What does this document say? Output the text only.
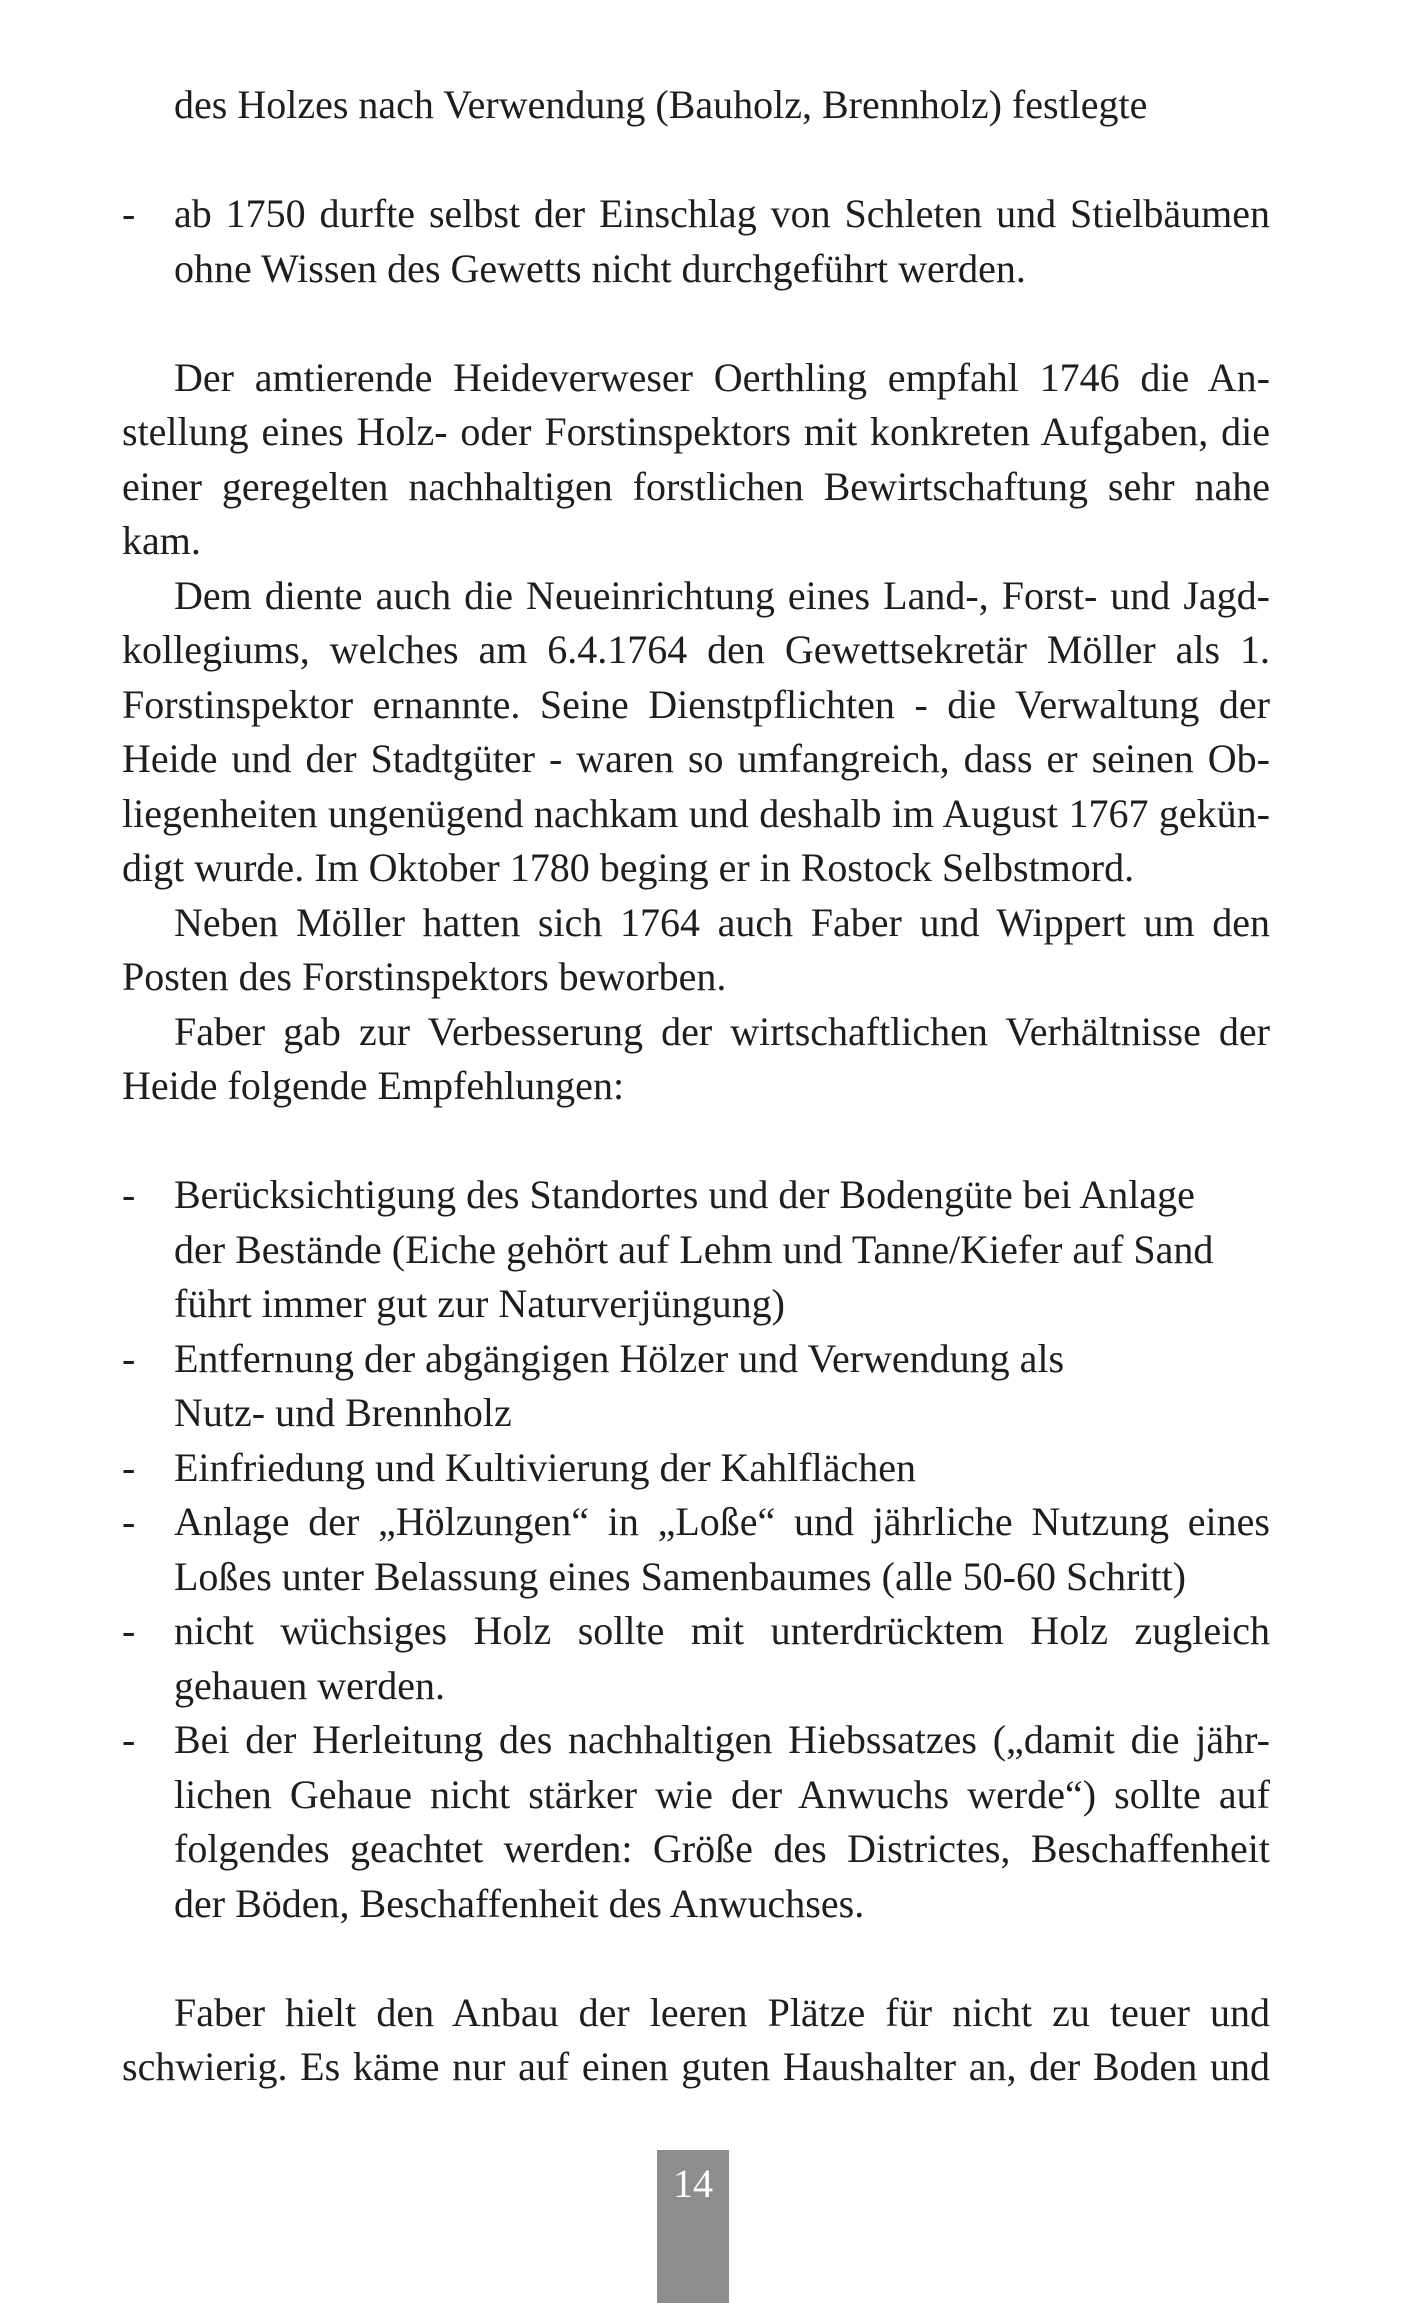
des Holzes nach Verwendung (Bauholz, Brennholz) festlegte
- ab 1750 durfte selbst der Einschlag von Schleten und Stielbäumen
ohne Wissen des Gewetts nicht durchgeführt werden.
Der amtierende Heideverweser Oerthling empfahl 1746 die An-
stellung eines Holz- oder Forstinspektors mit konkreten Aufgaben, die
einer geregelten nachhaltigen forstlichen Bewirtschaftung sehr nahe
kam.
Dem diente auch die Neueinrichtung eines Land-, Forst- und Jagd-
kollegiums, welches am 6.4.1764 den Gewettsekretär Möller als 1.
Forstinspektor ernannte. Seine Dienstpflichten - die Verwaltung der
Heide und der Stadtgüter - waren so umfangreich, dass er seinen Ob-
liegenheiten ungenügend nachkam und deshalb im August 1767 gekün-
digt wurde. Im Oktober 1780 beging er in Rostock Selbstmord.
Neben Möller hatten sich 1764 auch Faber und Wippert um den
Posten des Forstinspektors beworben.
Faber gab zur Verbesserung der wirtschaftlichen Verhältnisse der
Heide folgende Empfehlungen:
- Berücksichtigung des Standortes und der Bodengüte bei Anlage
der Bestände (Eiche gehört auf Lehm und Tanne/Kiefer auf Sand
führt immer gut zur Naturverjüngung)
- Entfernung der abgängigen Hölzer und Verwendung als
Nutz- und Brennholz
- Einfriedung und Kultivierung der Kahlflächen
- Anlage der „Hölzungen“ in „Loße“ und jährliche Nutzung eines
Loßes unter Belassung eines Samenbaumes (alle 50-60 Schritt)
- nicht wüchsiges Holz sollte mit unterdrücktem Holz zugleich
gehauen werden.
- Bei der Herleitung des nachhaltigen Hiebssatzes („damit die jähr-
lichen Gehaue nicht stärker wie der Anwuchs werde“) sollte auf
folgendes geachtet werden: Größe des Districtes, Beschaffenheit
der Böden, Beschaffenheit des Anwuchses.
Faber hielt den Anbau der leeren Plätze für nicht zu teuer und
schwierig. Es käme nur auf einen guten Haushalter an, der Boden und
14
